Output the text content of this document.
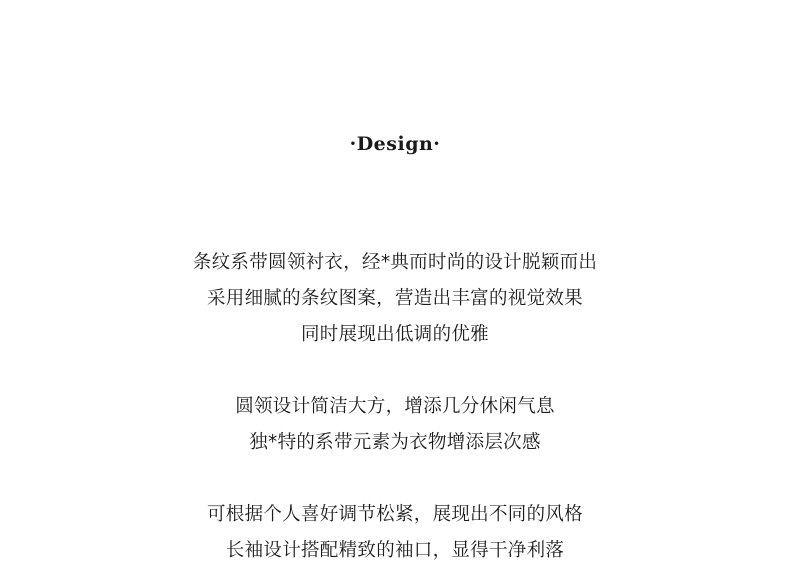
·Design·
条纹系带圆领衬衣，经*典而时尚的设计脱颖而出
采用细腻的条纹图案，营造出丰富的视觉效果
同时展现出低调的优雅
圆领设计简洁大方，增添几分休闲气息
独*特的系带元素为衣物增添层次感
可根据个人喜好调节松紧，展现出不同的风格
长袖设计搭配精致的袖口，显得干净利落
